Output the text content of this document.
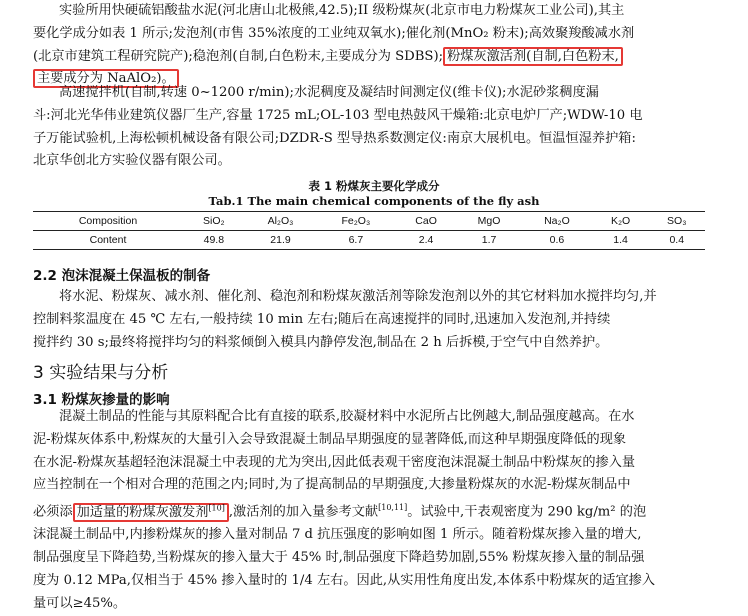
实验所用快硬硫铝酸盐水泥(河北唐山北极熊,42.5);II 级粉煤灰(北京市电力粉煤灰工业公司),其主
要化学成分如表 1 所示;发泡剂(市售 35%浓度的工业纯双氧水);催化剂(MnO₂ 粉末);高效聚羧酸减水剂
(北京市建筑工程研究院产);稳泡剂(自制,白色粉末,主要成分为 SDBS); 粉煤灰激活剂(自制,白色粉末,
主要成分为 NaAlO₂)。
高速搅拌机(自制,转速 0~1200 r/min);水泥稠度及凝结时间测定仪(维卡仪);水泥砂浆稠度漏
斗:河北光华伟业建筑仪器厂生产,容量 1725 mL;OL-103 型电热鼓风干燥箱:北京电炉厂产;WDW-10 电
子万能试验机,上海松顿机械设备有限公司;DZDR-S 型导热系数测定仪:南京大展机电。恒温恒湿养护箱:
北京华创北方实验仪器有限公司。
表 1 粉煤灰主要化学成分
Tab.1 The main chemical components of the fly ash
Composition	SiO₂	Al₂O₃	Fe₂O₃	CaO	MgO	Na₂O	K₂O	SO₃
Content	49.8	21.9	6.7	2.4	1.7	0.6	1.4	0.4
2.2 泡沫混凝土保温板的制备
将水泥、粉煤灰、减水剂、催化剂、稳泡剂和粉煤灰激活剂等除发泡剂以外的其它材料加水搅拌均匀,并
控制料浆温度在 45 ℃ 左右,一般持续 10 min 左右;随后在高速搅拌的同时,迅速加入发泡剂,并持续
搅拌约 30 s;最终将搅拌均匀的料浆倾倒入模具内静停发泡,制品在 2 h 后拆模,于空气中自然养护。
3 实验结果与分析
3.1 粉煤灰掺量的影响
混凝土制品的性能与其原料配合比有直接的联系,胶凝材料中水泥所占比例越大,制品强度越高。在水
泥-粉煤灰体系中,粉煤灰的大量引入会导致混凝土制品早期强度的显著降低,而这种早期强度降低的现象
在水泥-粉煤灰基超轻泡沫混凝土中表现的尤为突出,因此低表观干密度泡沫混凝土制品中粉煤灰的掺入量
应当控制在一个相对合理的范围之内;同时,为了提高制品的早期强度,大掺量粉煤灰的水泥-粉煤灰制品中
必须添 加适量的粉煤灰激发剂[10] ,激活剂的加入量参考文献[10,11]。试验中,干表观密度为 290 kg/m² 的泡
沫混凝土制品中,内掺粉煤灰的掺入量对制品 7 d 抗压强度的影响如图 1 所示。随着粉煤灰掺入量的增大,
制品强度呈下降趋势,当粉煤灰的掺入量大于 45% 时,制品强度下降趋势加剧,55% 粉煤灰掺入量的制品强
度为 0.12 MPa,仅相当于 45% 掺入量时的 1/4 左右。因此,从实用性角度出发,本体系中粉煤灰的适宜掺入
量可以≥45%。
